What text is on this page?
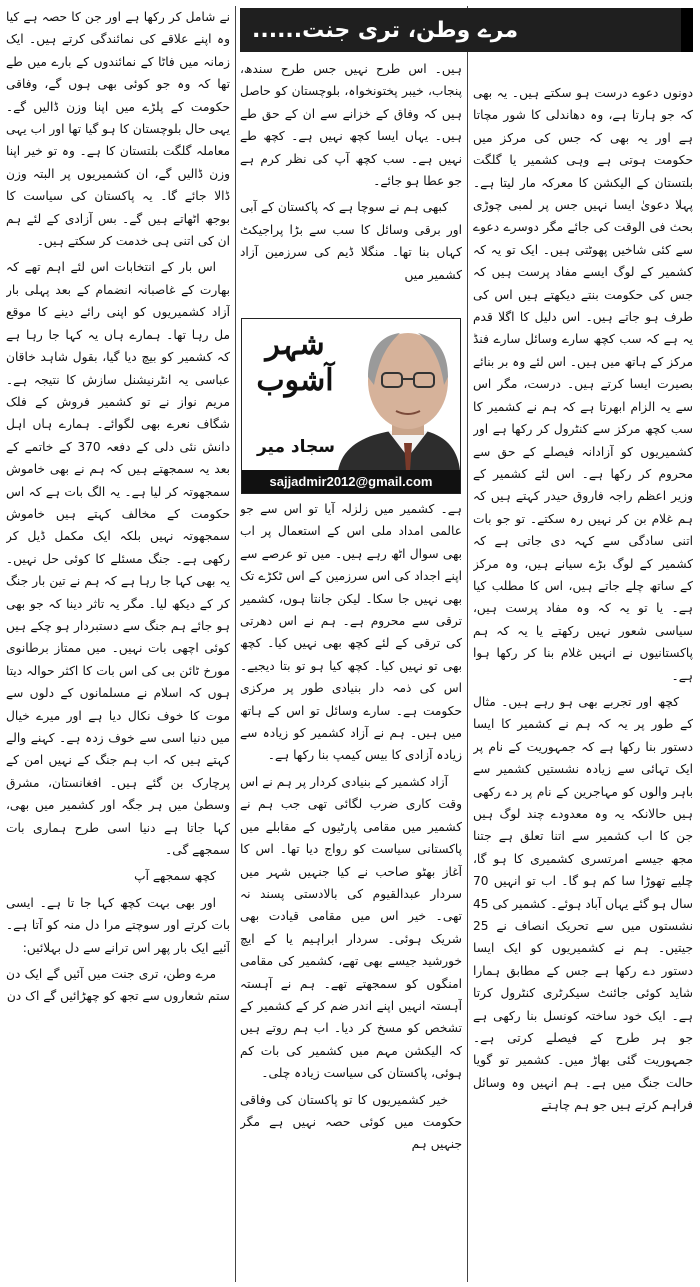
مرے وطن، تری جنت......

دونوں دعوے درست ہو سکتے ہیں۔ یہ بھی کہ جو ہارتا ہے، وہ دھاندلی کا شور مچاتا ہے اور یہ بھی کہ جس کی مرکز میں حکومت ہوتی ہے وہی کشمیر یا گلگت بلتستان کے الیکشن کا معرکہ مار لیتا ہے۔ پہلا دعویٰ ایسا نہیں جس پر لمبی چوڑی بحث فی الوقت کی جائے مگر دوسرے دعوے سے کئی شاخیں پھوٹتی ہیں۔ ایک تو یہ کہ کشمیر کے لوگ ایسے مفاد پرست ہیں کہ جس کی حکومت بنتے دیکھتے ہیں اس کی طرف ہو جاتے ہیں۔ اس دلیل کا اگلا قدم یہ ہے کہ سب کچھ سارے وسائل سارے فنڈ مرکز کے ہاتھ میں ہیں۔ اس لئے وہ بر بنائے بصیرت ایسا کرتے ہیں۔ درست، مگر اس سے یہ الزام ابھرتا ہے کہ ہم نے کشمیر کا سب کچھ مرکز سے کنٹرول کر رکھا ہے اور کشمیریوں کو آزادانہ فیصلے کے حق سے محروم کر رکھا ہے۔ اس لئے کشمیر کے وزیر اعظم راجہ فاروق حیدر کہتے ہیں کہ ہم غلام بن کر نہیں رہ سکتے۔ تو جو بات اتنی سادگی سے کہہ دی جاتی ہے کہ کشمیر کے لوگ بڑے سیانے ہیں، وہ مرکز کے ساتھ چلے جاتے ہیں، اس کا مطلب کیا ہے۔ یا تو یہ کہ وہ مفاد پرست ہیں، سیاسی شعور نہیں رکھتے یا یہ کہ ہم پاکستانیوں نے انہیں غلام بنا کر رکھا ہوا ہے۔

کچھ اور تجربے بھی ہو رہے ہیں۔ مثال کے طور پر یہ کہ ہم نے کشمیر کا ایسا دستور بنا رکھا ہے کہ جمہوریت کے نام پر ایک تہائی سے زیادہ نشستیں کشمیر سے باہر والوں کو مہاجرین کے نام پر دے رکھی ہیں حالانکہ یہ وہ معدودے چند لوگ ہیں جن کا اب کشمیر سے اتنا تعلق ہے جتنا مجھ جیسے امرتسری کشمیری کا ہو گا، چلیے تھوڑا سا کم ہو گا۔ اب تو انہیں 70 سال ہو گئے یہاں آباد ہوئے۔ کشمیر کی 45 نشستوں میں سے تحریک انصاف نے 25 جیتیں۔ ہم نے کشمیریوں کو ایک ایسا دستور دے رکھا ہے جس کے مطابق ہمارا شاید کوئی جائنٹ سیکرٹری کنٹرول کرتا ہے۔ ایک خود ساختہ کونسل بنا رکھی ہے جو ہر طرح کے فیصلے کرتی ہے۔ جمہوریت گئی بھاڑ میں۔ کشمیر تو گویا حالت جنگ میں ہے۔ ہم انہیں وہ وسائل فراہم کرتے ہیں جو ہم چاہتے

ہیں۔ اس طرح نہیں جس طرح سندھ، پنجاب، خیبر پختونخواہ، بلوچستان کو حاصل ہیں کہ وفاق کے خزانے سے ان کے حق طے ہیں۔ یہاں ایسا کچھ نہیں ہے۔ کچھ طے نہیں ہے۔ سب کچھ آپ کی نظر کرم ہے جو عطا ہو جائے۔

کبھی ہم نے سوچا ہے کہ پاکستان کے آبی اور برقی وسائل کا سب سے بڑا پراجیکٹ کہاں بنا تھا۔ منگلا ڈیم کی سرزمین آزاد کشمیر میں

شہر آشوب
سجاد میر
sajjadmir2012@gmail.com

ہے۔ کشمیر میں زلزلہ آیا تو اس سے جو عالمی امداد ملی اس کے استعمال پر اب بھی سوال اٹھ رہے ہیں۔ میں تو عرصے سے اپنے اجداد کی اس سرزمین کے اس ٹکڑے تک بھی نہیں جا سکا۔ لیکن جانتا ہوں، کشمیر ترقی سے محروم ہے۔ ہم نے اس دھرتی کی ترقی کے لئے کچھ بھی نہیں کیا۔ کچھ بھی تو نہیں کیا۔ کچھ کیا ہو تو بتا دیجیے۔ اس کی ذمہ دار بنیادی طور پر مرکزی حکومت ہے۔ سارے وسائل تو اس کے ہاتھ میں ہیں۔ ہم نے آزاد کشمیر کو زیادہ سے زیادہ آزادی کا بیس کیمپ بنا رکھا ہے۔

آزاد کشمیر کے بنیادی کردار پر ہم نے اس وقت کاری ضرب لگائی تھی جب ہم نے کشمیر میں مقامی پارٹیوں کے مقابلے میں پاکستانی سیاست کو رواج دیا تھا۔ اس کا آغاز بھٹو صاحب نے کیا جنہیں شہر میں سردار عبدالقیوم کی بالادستی پسند نہ تھی۔ خیر اس میں مقامی قیادت بھی شریک ہوئی۔ سردار ابراہیم یا کے ایچ خورشید جیسے بھی تھے، کشمیر کی مقامی امنگوں کو سمجھتے تھے۔ ہم نے آہستہ آہستہ انہیں اپنے اندر ضم کر کے کشمیر کے تشخص کو مسخ کر دیا۔ اب ہم روتے ہیں کہ الیکشن مہم میں کشمیر کی بات کم ہوئی، پاکستان کی سیاست زیادہ چلی۔

خیر کشمیریوں کا تو پاکستان کی وفاقی حکومت میں کوئی حصہ نہیں ہے مگر جنہیں ہم

نے شامل کر رکھا ہے اور جن کا حصہ ہے کیا وہ اپنے علاقے کی نمائندگی کرتے ہیں۔ ایک زمانہ میں فاٹا کے نمائندوں کے بارے میں طے تھا کہ وہ جو کوئی بھی ہوں گے، وفاقی حکومت کے پلڑے میں اپنا وزن ڈالیں گے۔ یہی حال بلوچستان کا ہو گیا تھا اور اب یہی معاملہ گلگت بلتستان کا ہے۔ وہ تو خیر اپنا وزن ڈالیں گے، ان کشمیریوں پر البتہ وزن ڈالا جائے گا۔ یہ پاکستان کی سیاست کا بوجھ اٹھاتے ہیں گے۔ بس آزادی کے لئے ہم ان کی اتنی ہی خدمت کر سکتے ہیں۔

اس بار کے انتخابات اس لئے اہم تھے کہ بھارت کے غاصبانہ انضمام کے بعد پہلی بار آزاد کشمیریوں کو اپنی رائے دینے کا موقع مل رہا تھا۔ ہمارے ہاں یہ کہا جا رہا ہے کہ کشمیر کو بیچ دیا گیا، بقول شاہد خاقان عباسی یہ انٹرنیشنل سازش کا نتیجہ ہے۔ مریم نواز نے تو کشمیر فروش کے فلک شگاف نعرے بھی لگوائے۔ ہمارے ہاں اہل دانش نئی دلی کے دفعہ 370 کے خاتمے کے بعد یہ سمجھتے ہیں کہ ہم نے بھی خاموش سمجھوتہ کر لیا ہے۔ یہ الگ بات ہے کہ اس حکومت کے مخالف کہتے ہیں خاموش سمجھوتہ نہیں بلکہ ایک مکمل ڈیل کر رکھی ہے۔ جنگ مسئلے کا کوئی حل نہیں۔ یہ بھی کہا جا رہا ہے کہ ہم نے تین بار جنگ کر کے دیکھ لیا۔ مگر یہ تاثر دینا کہ جو بھی ہو جائے ہم جنگ سے دستبردار ہو چکے ہیں کوئی اچھی بات نہیں۔ میں ممتاز برطانوی مورخ ٹائن بی کی اس بات کا اکثر حوالہ دیتا ہوں کہ اسلام نے مسلمانوں کے دلوں سے موت کا خوف نکال دیا ہے اور میرے خیال میں دنیا اسی سے خوف زدہ ہے۔ کہنے والے کہتے ہیں کہ اب ہم جنگ کے نہیں امن کے پرچارک بن گئے ہیں۔ افغانستان، مشرق وسطیٰ میں ہر جگہ اور کشمیر میں بھی، کہا جاتا ہے دنیا اسی طرح ہماری بات سمجھے گی۔

کچھ سمجھے آپ

اور بھی بہت کچھ کہا جا تا ہے۔ ایسی بات کرتے اور سوچتے مرا دل منہ کو آتا ہے۔ آئیے ایک بار پھر اس ترانے سے دل بہلائیں:

مرے وطن، تری جنت میں آئیں گے ایک دن ستم شعاروں سے تجھ کو چھڑائیں گے اک دن
